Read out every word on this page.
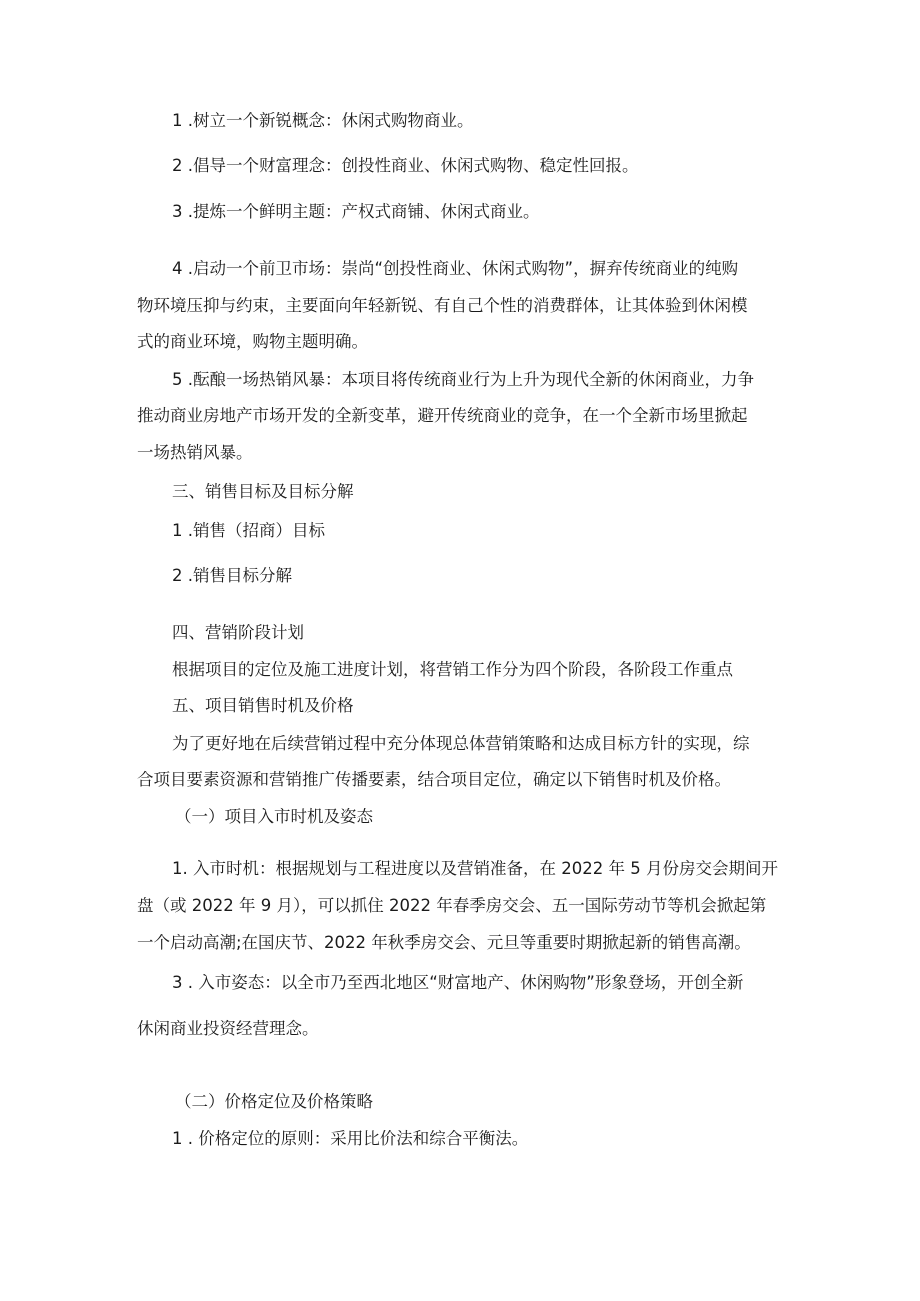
1 .树立一个新锐概念：休闲式购物商业。

2 .倡导一个财富理念：创投性商业、休闲式购物、稳定性回报。

3 .提炼一个鲜明主题：产权式商铺、休闲式商业。

4 .启动一个前卫市场：崇尚“创投性商业、休闲式购物”，摒弃传统商业的纯购

物环境压抑与约束，主要面向年轻新锐、有自己个性的消费群体，让其体验到休闲模

式的商业环境，购物主题明确。

5 .酝酿一场热销风暴：本项目将传统商业行为上升为现代全新的休闲商业，力争

推动商业房地产市场开发的全新变革，避开传统商业的竞争，在一个全新市场里掀起

一场热销风暴。

三、销售目标及目标分解

1 .销售（招商）目标

2 .销售目标分解

四、营销阶段计划

根据项目的定位及施工进度计划，将营销工作分为四个阶段，各阶段工作重点

五、项目销售时机及价格

为了更好地在后续营销过程中充分体现总体营销策略和达成目标方针的实现，综

合项目要素资源和营销推广传播要素，结合项目定位，确定以下销售时机及价格。

（一）项目入市时机及姿态

1. 入市时机：根据规划与工程进度以及营销准备，在 2022 年 5 月份房交会期间开

盘（或 2022 年 9 月），可以抓住 2022 年春季房交会、五一国际劳动节等机会掀起第

一个启动高潮;在国庆节、2022 年秋季房交会、元旦等重要时期掀起新的销售高潮。

3 . 入市姿态：以全市乃至西北地区“财富地产、休闲购物”形象登场，开创全新

休闲商业投资经营理念。

（二）价格定位及价格策略

1 . 价格定位的原则：采用比价法和综合平衡法。
